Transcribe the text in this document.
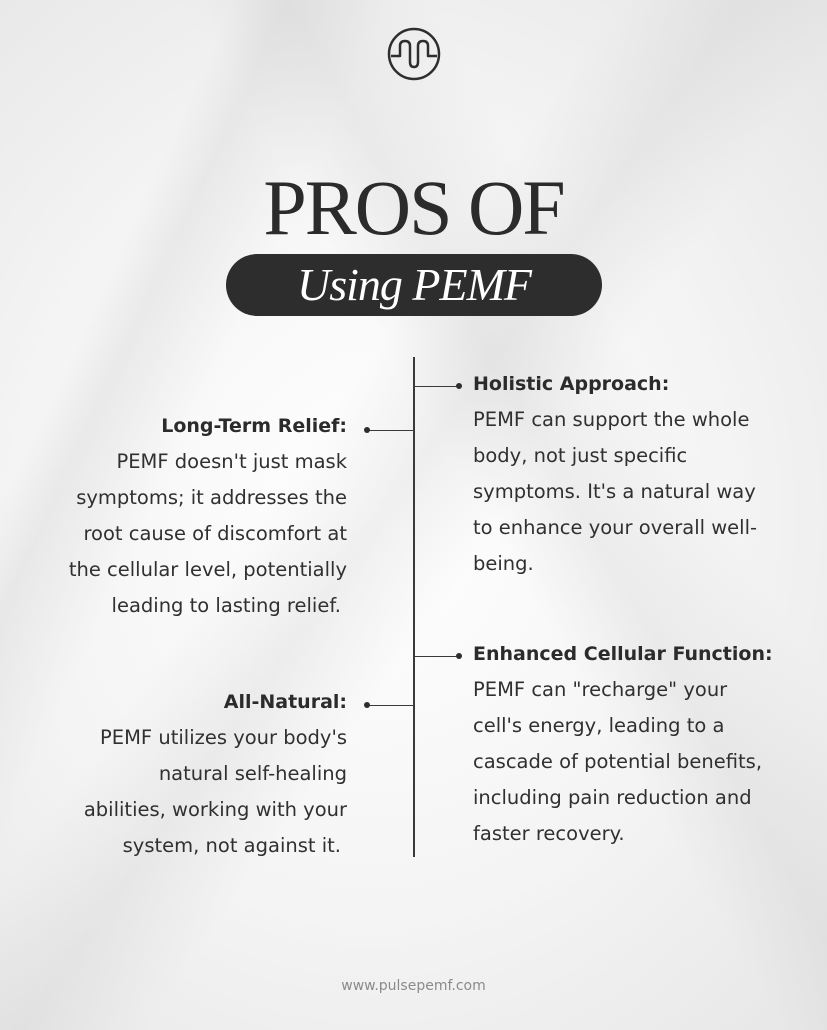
PROS OF
Using PEMF
Long-Term Relief:
PEMF doesn't just mask
symptoms; it addresses the
root cause of discomfort at
the cellular level, potentially
leading to lasting relief.
All-Natural:
PEMF utilizes your body's
natural self-healing
abilities, working with your
system, not against it.
Holistic Approach:
PEMF can support the whole
body, not just specific
symptoms. It's a natural way
to enhance your overall well-
being.
Enhanced Cellular Function:
PEMF can "recharge" your
cell's energy, leading to a
cascade of potential benefits,
including pain reduction and
faster recovery.
www.pulsepemf.com
